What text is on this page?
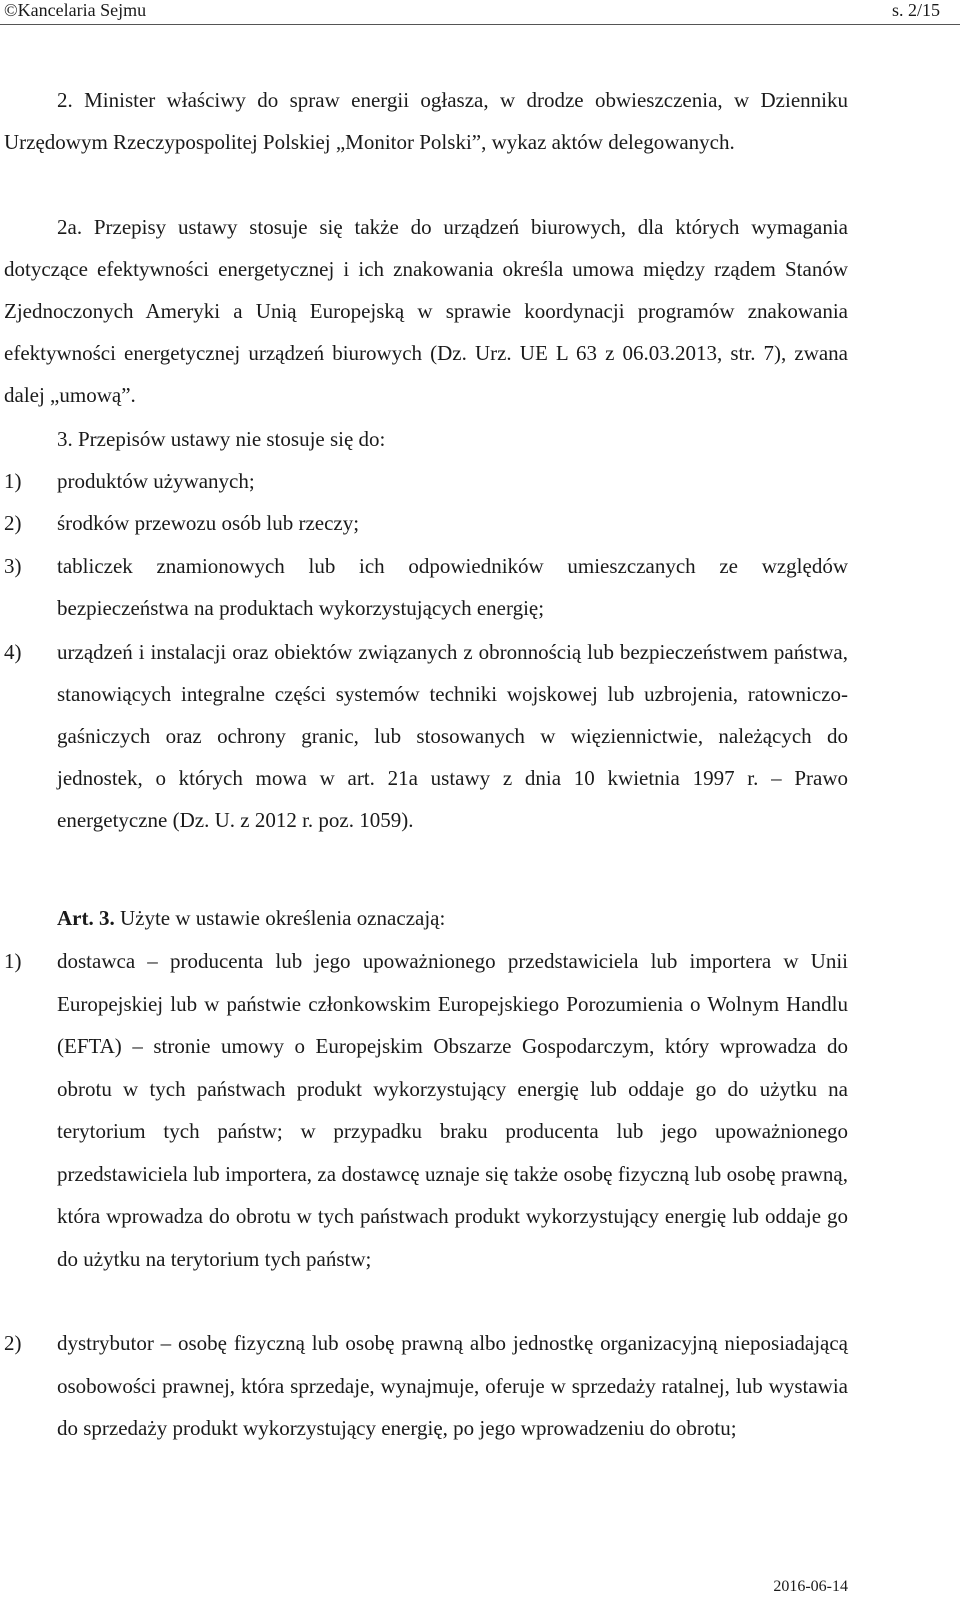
©Kancelaria Sejmu	s. 2/15

2. Minister właściwy do spraw energii ogłasza, w drodze obwieszczenia, w Dzienniku Urzędowym Rzeczypospolitej Polskiej „Monitor Polski”, wykaz aktów delegowanych.

2a. Przepisy ustawy stosuje się także do urządzeń biurowych, dla których wymagania dotyczące efektywności energetycznej i ich znakowania określa umowa między rządem Stanów Zjednoczonych Ameryki a Unią Europejską w sprawie koordynacji programów znakowania efektywności energetycznej urządzeń biurowych (Dz. Urz. UE L 63 z 06.03.2013, str. 7), zwana dalej „umową”.

3. Przepisów ustawy nie stosuje się do:

1) produktów używanych;
2) środków przewozu osób lub rzeczy;
3) tabliczek znamionowych lub ich odpowiedników umieszczanych ze względów bezpieczeństwa na produktach wykorzystujących energię;
4) urządzeń i instalacji oraz obiektów związanych z obronnością lub bezpieczeństwem państwa, stanowiących integralne części systemów techniki wojskowej lub uzbrojenia, ratowniczo-gaśniczych oraz ochrony granic, lub stosowanych w więziennictwie, należących do jednostek, o których mowa w art. 21a ustawy z dnia 10 kwietnia 1997 r. – Prawo energetyczne (Dz. U. z 2012 r. poz. 1059).

Art. 3. Użyte w ustawie określenia oznaczają:

1) dostawca – producenta lub jego upoważnionego przedstawiciela lub importera w Unii Europejskiej lub w państwie członkowskim Europejskiego Porozumienia o Wolnym Handlu (EFTA) – stronie umowy o Europejskim Obszarze Gospodarczym, który wprowadza do obrotu w tych państwach produkt wykorzystujący energię lub oddaje go do użytku na terytorium tych państw; w przypadku braku producenta lub jego upoważnionego przedstawiciela lub importera, za dostawcę uznaje się także osobę fizyczną lub osobę prawną, która wprowadza do obrotu w tych państwach produkt wykorzystujący energię lub oddaje go do użytku na terytorium tych państw;
2) dystrybutor – osobę fizyczną lub osobę prawną albo jednostkę organizacyjną nieposiadającą osobowości prawnej, która sprzedaje, wynajmuje, oferuje w sprzedaży ratalnej, lub wystawia do sprzedaży produkt wykorzystujący energię, po jego wprowadzeniu do obrotu;
2016-06-14
